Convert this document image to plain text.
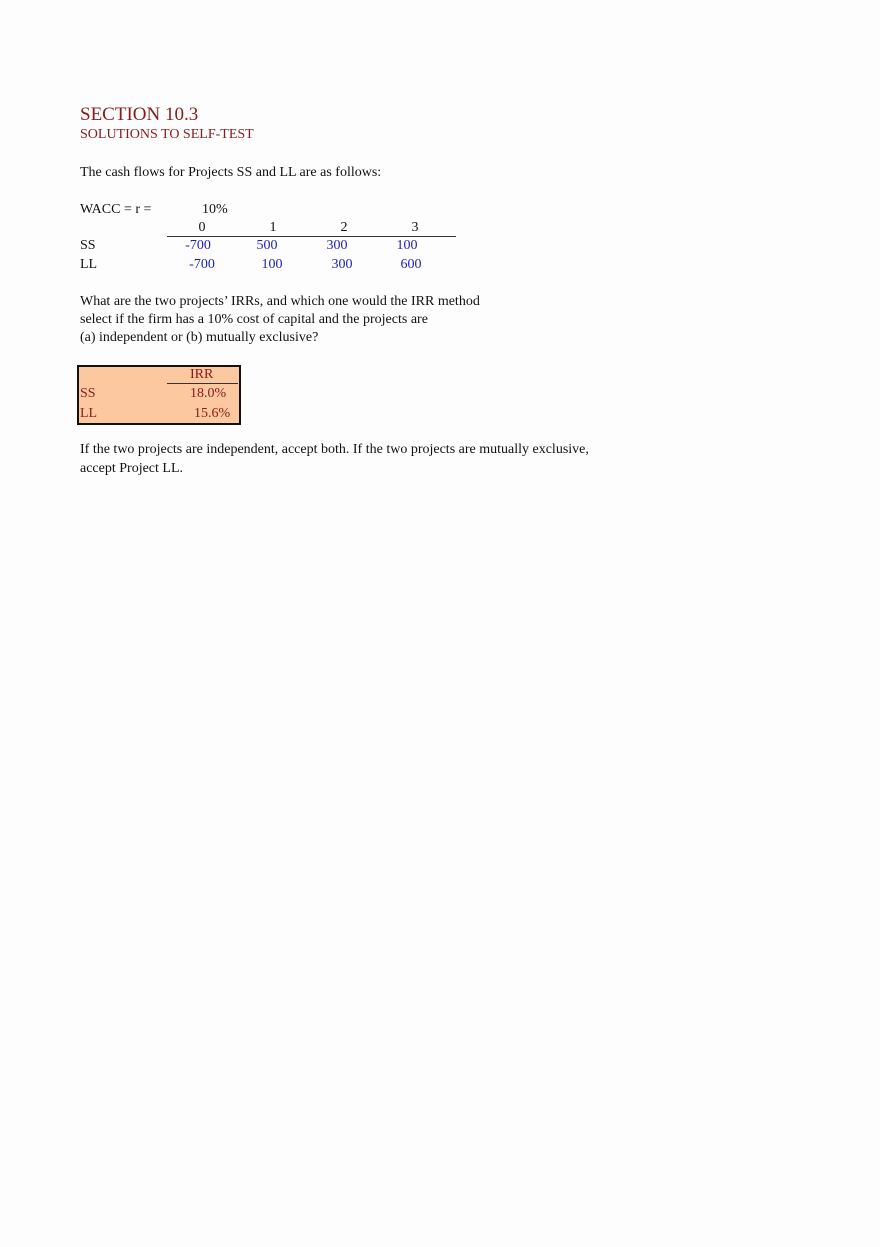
SECTION 10.3
SOLUTIONS TO SELF-TEST
The cash flows for Projects SS and LL are as follows:
WACC = r =	10%
0	1	2	3
SS	-700	500	300	100
LL	-700	100	300	600
What are the two projects’ IRRs, and which one would the IRR method
select if the firm has a 10% cost of capital and the projects are
(a) independent or (b) mutually exclusive?
IRR
SS	18.0%
LL	15.6%
If the two projects are independent, accept both. If the two projects are mutually exclusive,
accept Project LL.
